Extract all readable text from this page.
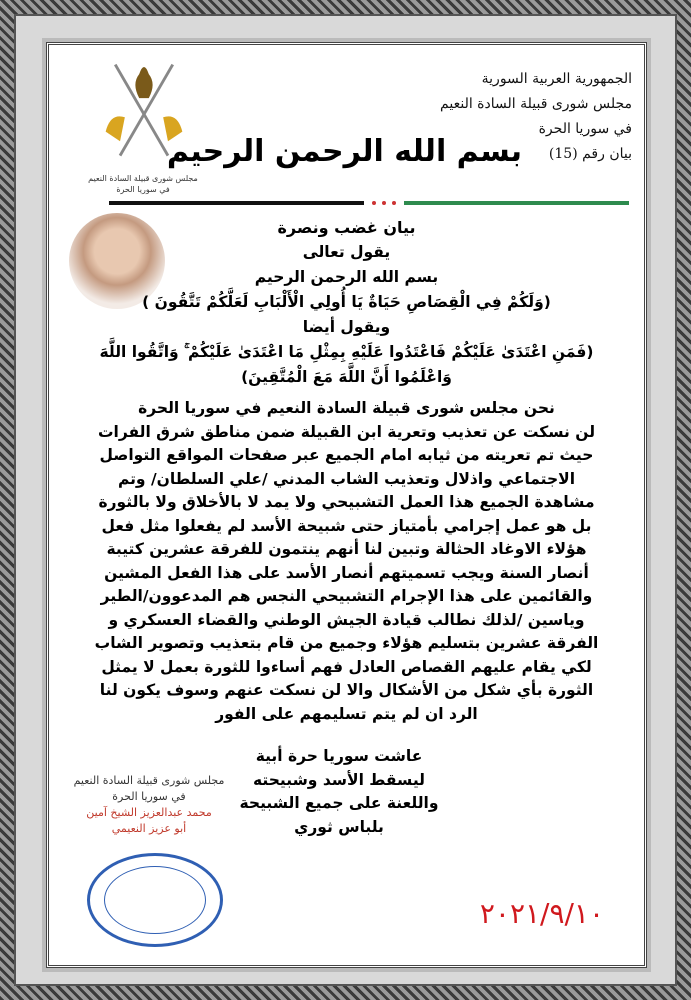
الجمهورية العربية السورية
مجلس شورى قبيلة السادة النعيم
في سوريا الحرة
بيان رقم (15)
بسم الله الرحمن الرحيم
مجلس شورى قبيلة السادة النعيم
في سوريا الحرة
بيان غضب ونصرة
يقول تعالى
بسم الله الرحمن الرحيم
(وَلَكُمْ فِي الْقِصَاصِ حَيَاةٌ يَا أُولِي الْأَلْبَابِ لَعَلَّكُمْ تَتَّقُونَ )
ويقول أيضا
(فَمَنِ اعْتَدَىٰ عَلَيْكُمْ فَاعْتَدُوا عَلَيْهِ بِمِثْلِ مَا اعْتَدَىٰ عَلَيْكُمْ ۚ وَاتَّقُوا اللَّهَ
وَاعْلَمُوا أَنَّ اللَّهَ مَعَ الْمُتَّقِينَ)
نحن مجلس شورى قبيلة السادة النعيم في سوريا الحرة
لن نسكت عن تعذيب وتعرية ابن القبيلة ضمن مناطق شرق الفرات
حيث تم تعريته من ثيابه امام الجميع عبر صفحات المواقع التواصل
الاجتماعي واذلال وتعذيب الشاب المدني /علي السلطان/ وتم
مشاهدة الجميع هذا العمل التشبيحي ولا يمد لا بالأخلاق ولا بالثورة
بل هو عمل إجرامي بأمتياز حتى شبيحة الأسد لم يفعلوا مثل فعل
هؤلاء الاوغاد الحثالة وتبين لنا أنهم ينتمون للفرقة عشرين كتيبة
أنصار السنة ويجب تسميتهم أنصار الأسد على هذا الفعل المشين
والقائمين على هذا الإجرام التشبيحي النجس هم المدعوون/الطير
وياسين /لذلك نطالب قيادة الجيش الوطني والقضاء العسكري و
الفرقة عشرين بتسليم هؤلاء وجميع من قام بتعذيب وتصوير الشاب
لكي يقام عليهم القصاص العادل فهم أساءوا للثورة بعمل لا يمثل
الثورة بأي شكل من الأشكال والا لن نسكت عنهم وسوف يكون لنا
الرد ان لم يتم تسليمهم على الفور
عاشت سوريا حرة أبية
ليسقط الأسد وشبيحته
واللعنة على جميع الشبيحة
بلباس ثوري
مجلس شورى قبيلة السادة النعيم
في سوريا الحرة
محمد عبدالعزيز الشيخ آمين
أبو عزيز النعيمي
٢٠٢١/٩/١٠
